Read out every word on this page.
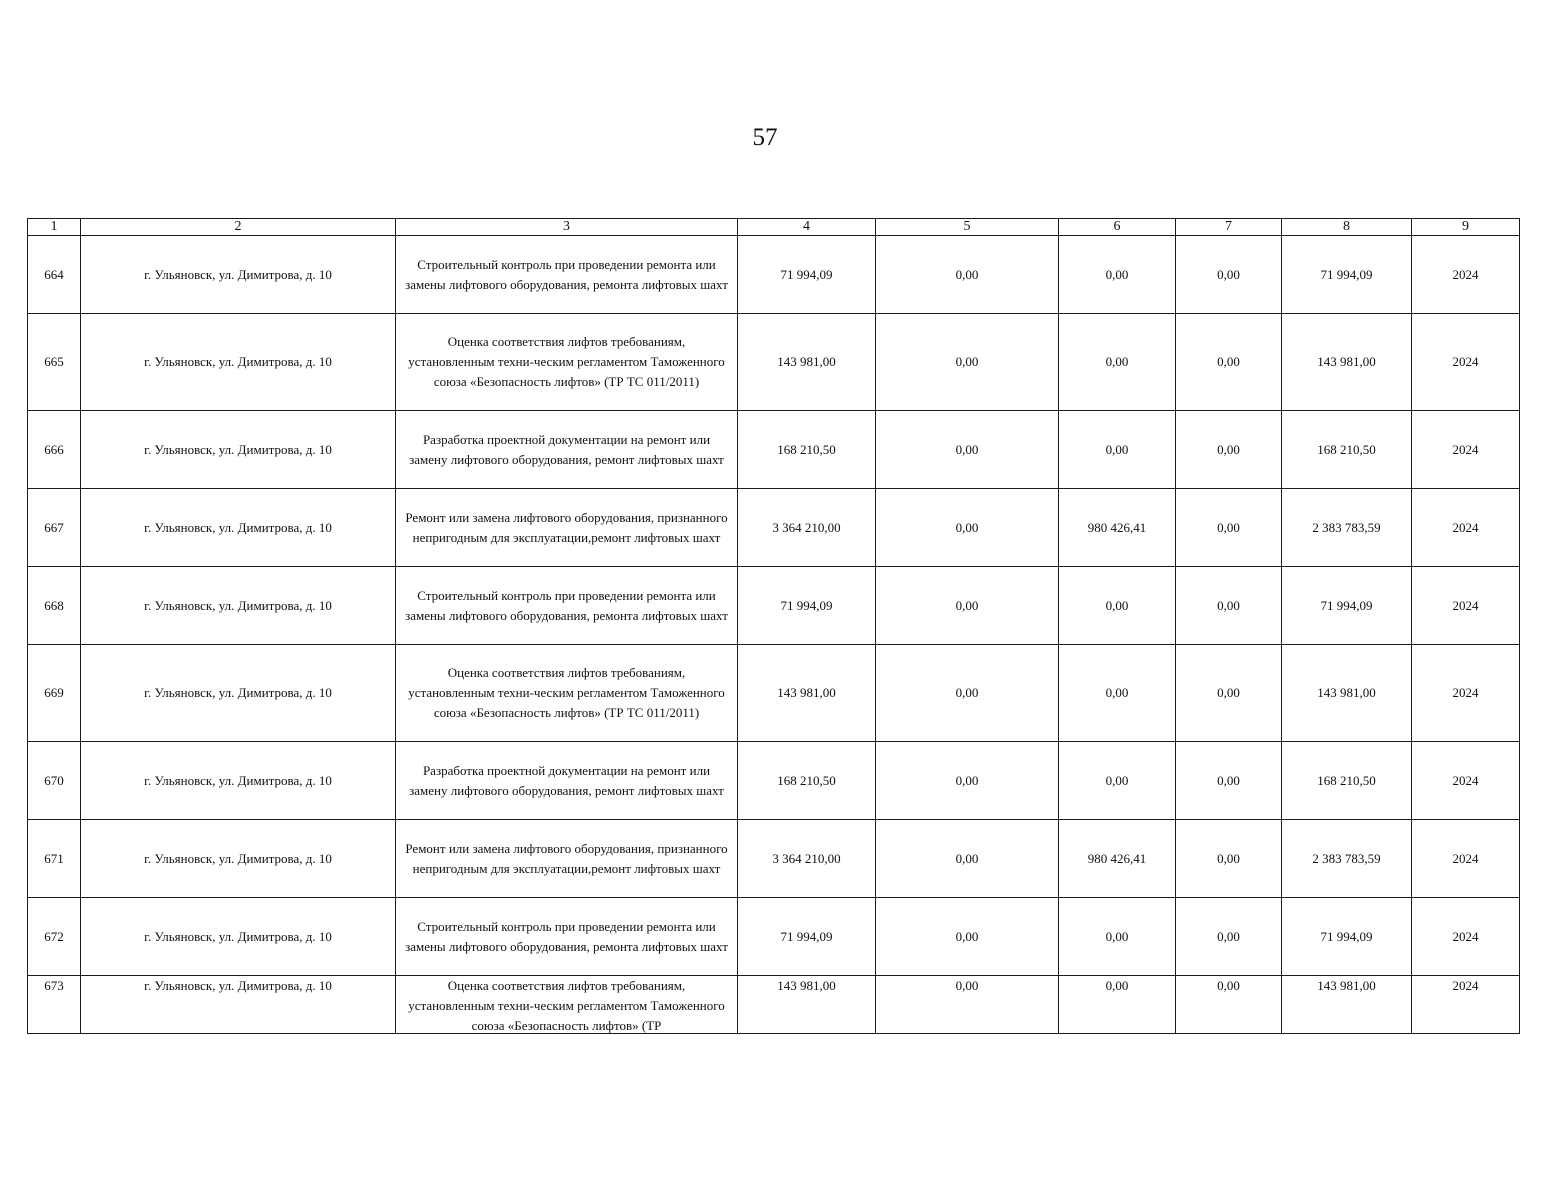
57
1	2	3	4	5	6	7	8	9
664	г. Ульяновск, ул. Димитрова, д. 10	Строительный контроль при проведении ремонта или замены лифтового оборудования, ремонта лифтовых шахт	71 994,09	0,00	0,00	0,00	71 994,09	2024
665	г. Ульяновск, ул. Димитрова, д. 10	Оценка соответствия лифтов требованиям, установленным техни-ческим регламентом Таможенного союза «Безопасность лифтов» (ТР ТС 011/2011)	143 981,00	0,00	0,00	0,00	143 981,00	2024
666	г. Ульяновск, ул. Димитрова, д. 10	Разработка проектной документации на ремонт или замену лифтового оборудования, ремонт лифтовых шахт	168 210,50	0,00	0,00	0,00	168 210,50	2024
667	г. Ульяновск, ул. Димитрова, д. 10	Ремонт или замена лифтового оборудования, признанного непригодным для эксплуатации,ремонт лифтовых шахт	3 364 210,00	0,00	980 426,41	0,00	2 383 783,59	2024
668	г. Ульяновск, ул. Димитрова, д. 10	Строительный контроль при проведении ремонта или замены лифтового оборудования, ремонта лифтовых шахт	71 994,09	0,00	0,00	0,00	71 994,09	2024
669	г. Ульяновск, ул. Димитрова, д. 10	Оценка соответствия лифтов требованиям, установленным техни-ческим регламентом Таможенного союза «Безопасность лифтов» (ТР ТС 011/2011)	143 981,00	0,00	0,00	0,00	143 981,00	2024
670	г. Ульяновск, ул. Димитрова, д. 10	Разработка проектной документации на ремонт или замену лифтового оборудования, ремонт лифтовых шахт	168 210,50	0,00	0,00	0,00	168 210,50	2024
671	г. Ульяновск, ул. Димитрова, д. 10	Ремонт или замена лифтового оборудования, признанного непригодным для эксплуатации,ремонт лифтовых шахт	3 364 210,00	0,00	980 426,41	0,00	2 383 783,59	2024
672	г. Ульяновск, ул. Димитрова, д. 10	Строительный контроль при проведении ремонта или замены лифтового оборудования, ремонта лифтовых шахт	71 994,09	0,00	0,00	0,00	71 994,09	2024
673	г. Ульяновск, ул. Димитрова, д. 10	Оценка соответствия лифтов требованиям, установленным техни-ческим регламентом Таможенного союза «Безопасность лифтов» (ТР	143 981,00	0,00	0,00	0,00	143 981,00	2024
